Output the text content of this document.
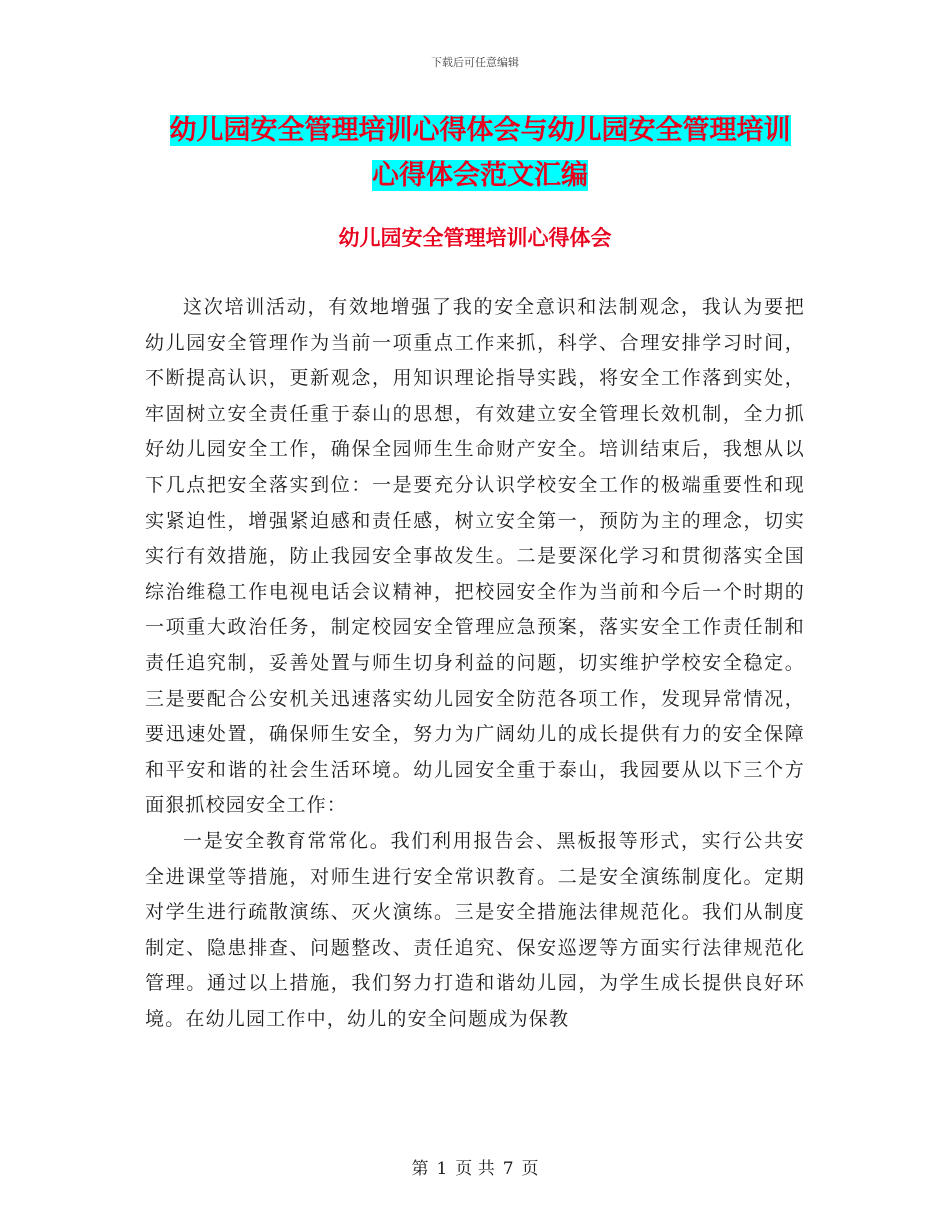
下载后可任意编辑
幼儿园安全管理培训心得体会与幼儿园安全管理培训
心得体会范文汇编
幼儿园安全管理培训心得体会

这次培训活动，有效地增强了我的安全意识和法制观念，我认为要把幼儿园安全管理作为当前一项重点工作来抓，科学、合理安排学习时间，不断提高认识，更新观念，用知识理论指导实践，将安全工作落到实处，牢固树立安全责任重于泰山的思想，有效建立安全管理长效机制，全力抓好幼儿园安全工作，确保全园师生生命财产安全。培训结束后，我想从以下几点把安全落实到位：一是要充分认识学校安全工作的极端重要性和现实紧迫性，增强紧迫感和责任感，树立安全第一，预防为主的理念，切实实行有效措施，防止我园安全事故发生。二是要深化学习和贯彻落实全国综治维稳工作电视电话会议精神，把校园安全作为当前和今后一个时期的一项重大政治任务，制定校园安全管理应急预案，落实安全工作责任制和责任追究制，妥善处置与师生切身利益的问题，切实维护学校安全稳定。三是要配合公安机关迅速落实幼儿园安全防范各项工作，发现异常情况，要迅速处置，确保师生安全，努力为广阔幼儿的成长提供有力的安全保障和平安和谐的社会生活环境。幼儿园安全重于泰山，我园要从以下三个方面狠抓校园安全工作：

一是安全教育常常化。我们利用报告会、黑板报等形式，实行公共安全进课堂等措施，对师生进行安全常识教育。二是安全演练制度化。定期对学生进行疏散演练、灭火演练。三是安全措施法律规范化。我们从制度制定、隐患排查、问题整改、责任追究、保安巡逻等方面实行法律规范化管理。通过以上措施，我们努力打造和谐幼儿园，为学生成长提供良好环境。在幼儿园工作中，幼儿的安全问题成为保教

第 1 页 共 7 页
